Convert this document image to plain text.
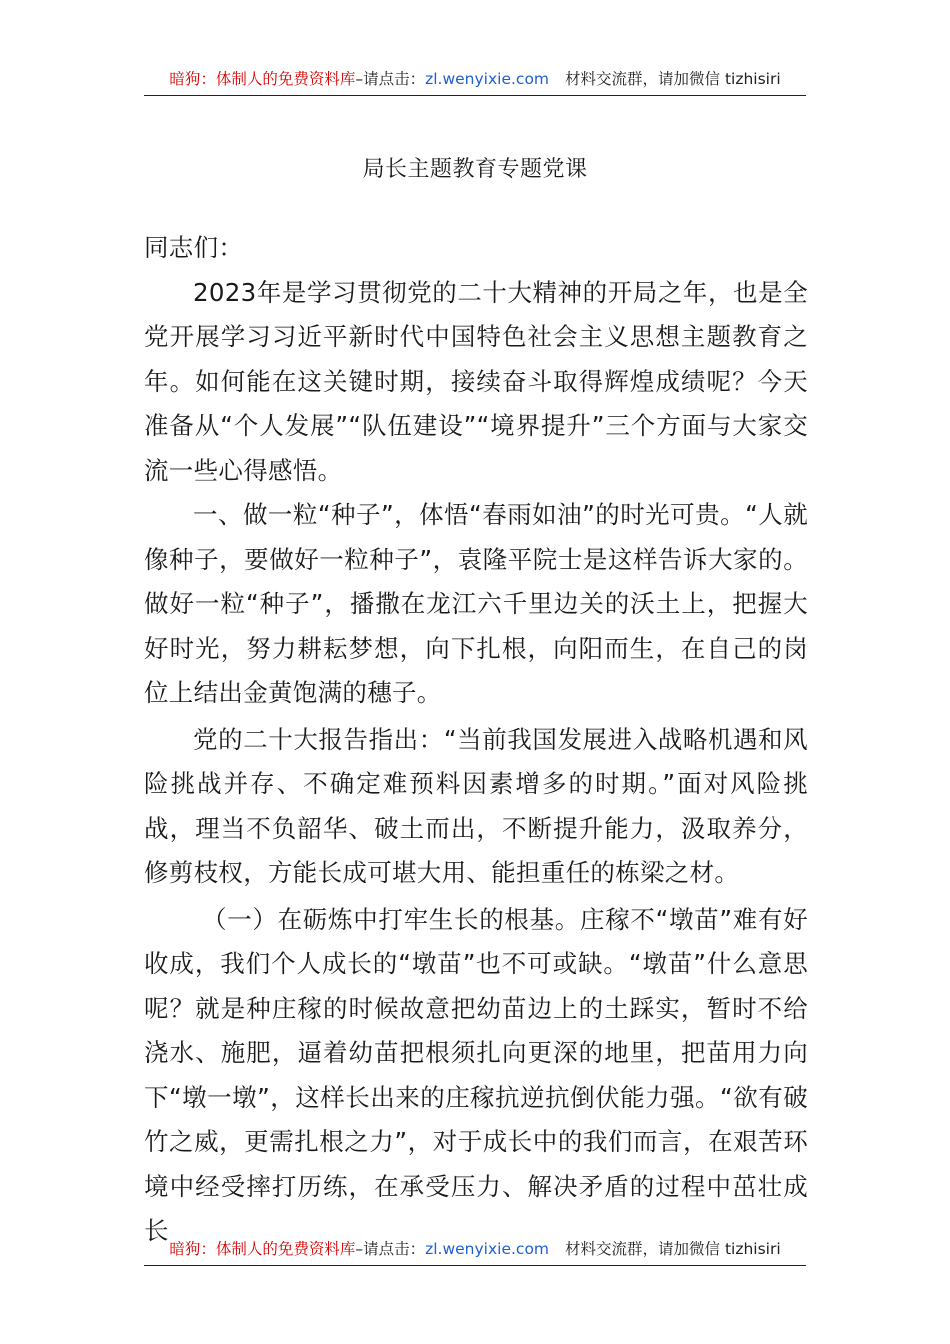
暗狗：体制人的免费资料库 –请点击： zl.wenyixie.com 材料交流群，请加微信 tizhisiri
局长主题教育专题党课

同志们：

2023年是学习贯彻党的二十大精神的开局之年，也是全党开展学习习近平新时代中国特色社会主义思想主题教育之年。如何能在这关键时期，接续奋斗取得辉煌成绩呢？今天准备从“个人发展”“队伍建设”“境界提升”三个方面与大家交流一些心得感悟。

一、做一粒“种子”，体悟“春雨如油”的时光可贵。“人就像种子，要做好一粒种子”，袁隆平院士是这样告诉大家的。做好一粒“种子”，播撒在龙江六千里边关的沃土上，把握大好时光，努力耕耘梦想，向下扎根，向阳而生，在自己的岗位上结出金黄饱满的穗子。

党的二十大报告指出：“当前我国发展进入战略机遇和风险挑战并存、不确定难预料因素增多的时期。”面对风险挑战，理当不负韶华、破土而出，不断提升能力，汲取养分，修剪枝杈，方能长成可堪大用、能担重任的栋梁之材。

（一）在砺炼中打牢生长的根基。庄稼不“墩苗”难有好收成，我们个人成长的“墩苗”也不可或缺。“墩苗”什么意思呢？就是种庄稼的时候故意把幼苗边上的土踩实，暂时不给浇水、施肥，逼着幼苗把根须扎向更深的地里，把苗用力向下“墩一墩”，这样长出来的庄稼抗逆抗倒伏能力强。“欲有破竹之威，更需扎根之力”，对于成长中的我们而言，在艰苦环境中经受摔打历练，在承受压力、解决矛盾的过程中茁壮成长

暗狗：体制人的免费资料库 –请点击： zl.wenyixie.com 材料交流群，请加微信 tizhisiri
